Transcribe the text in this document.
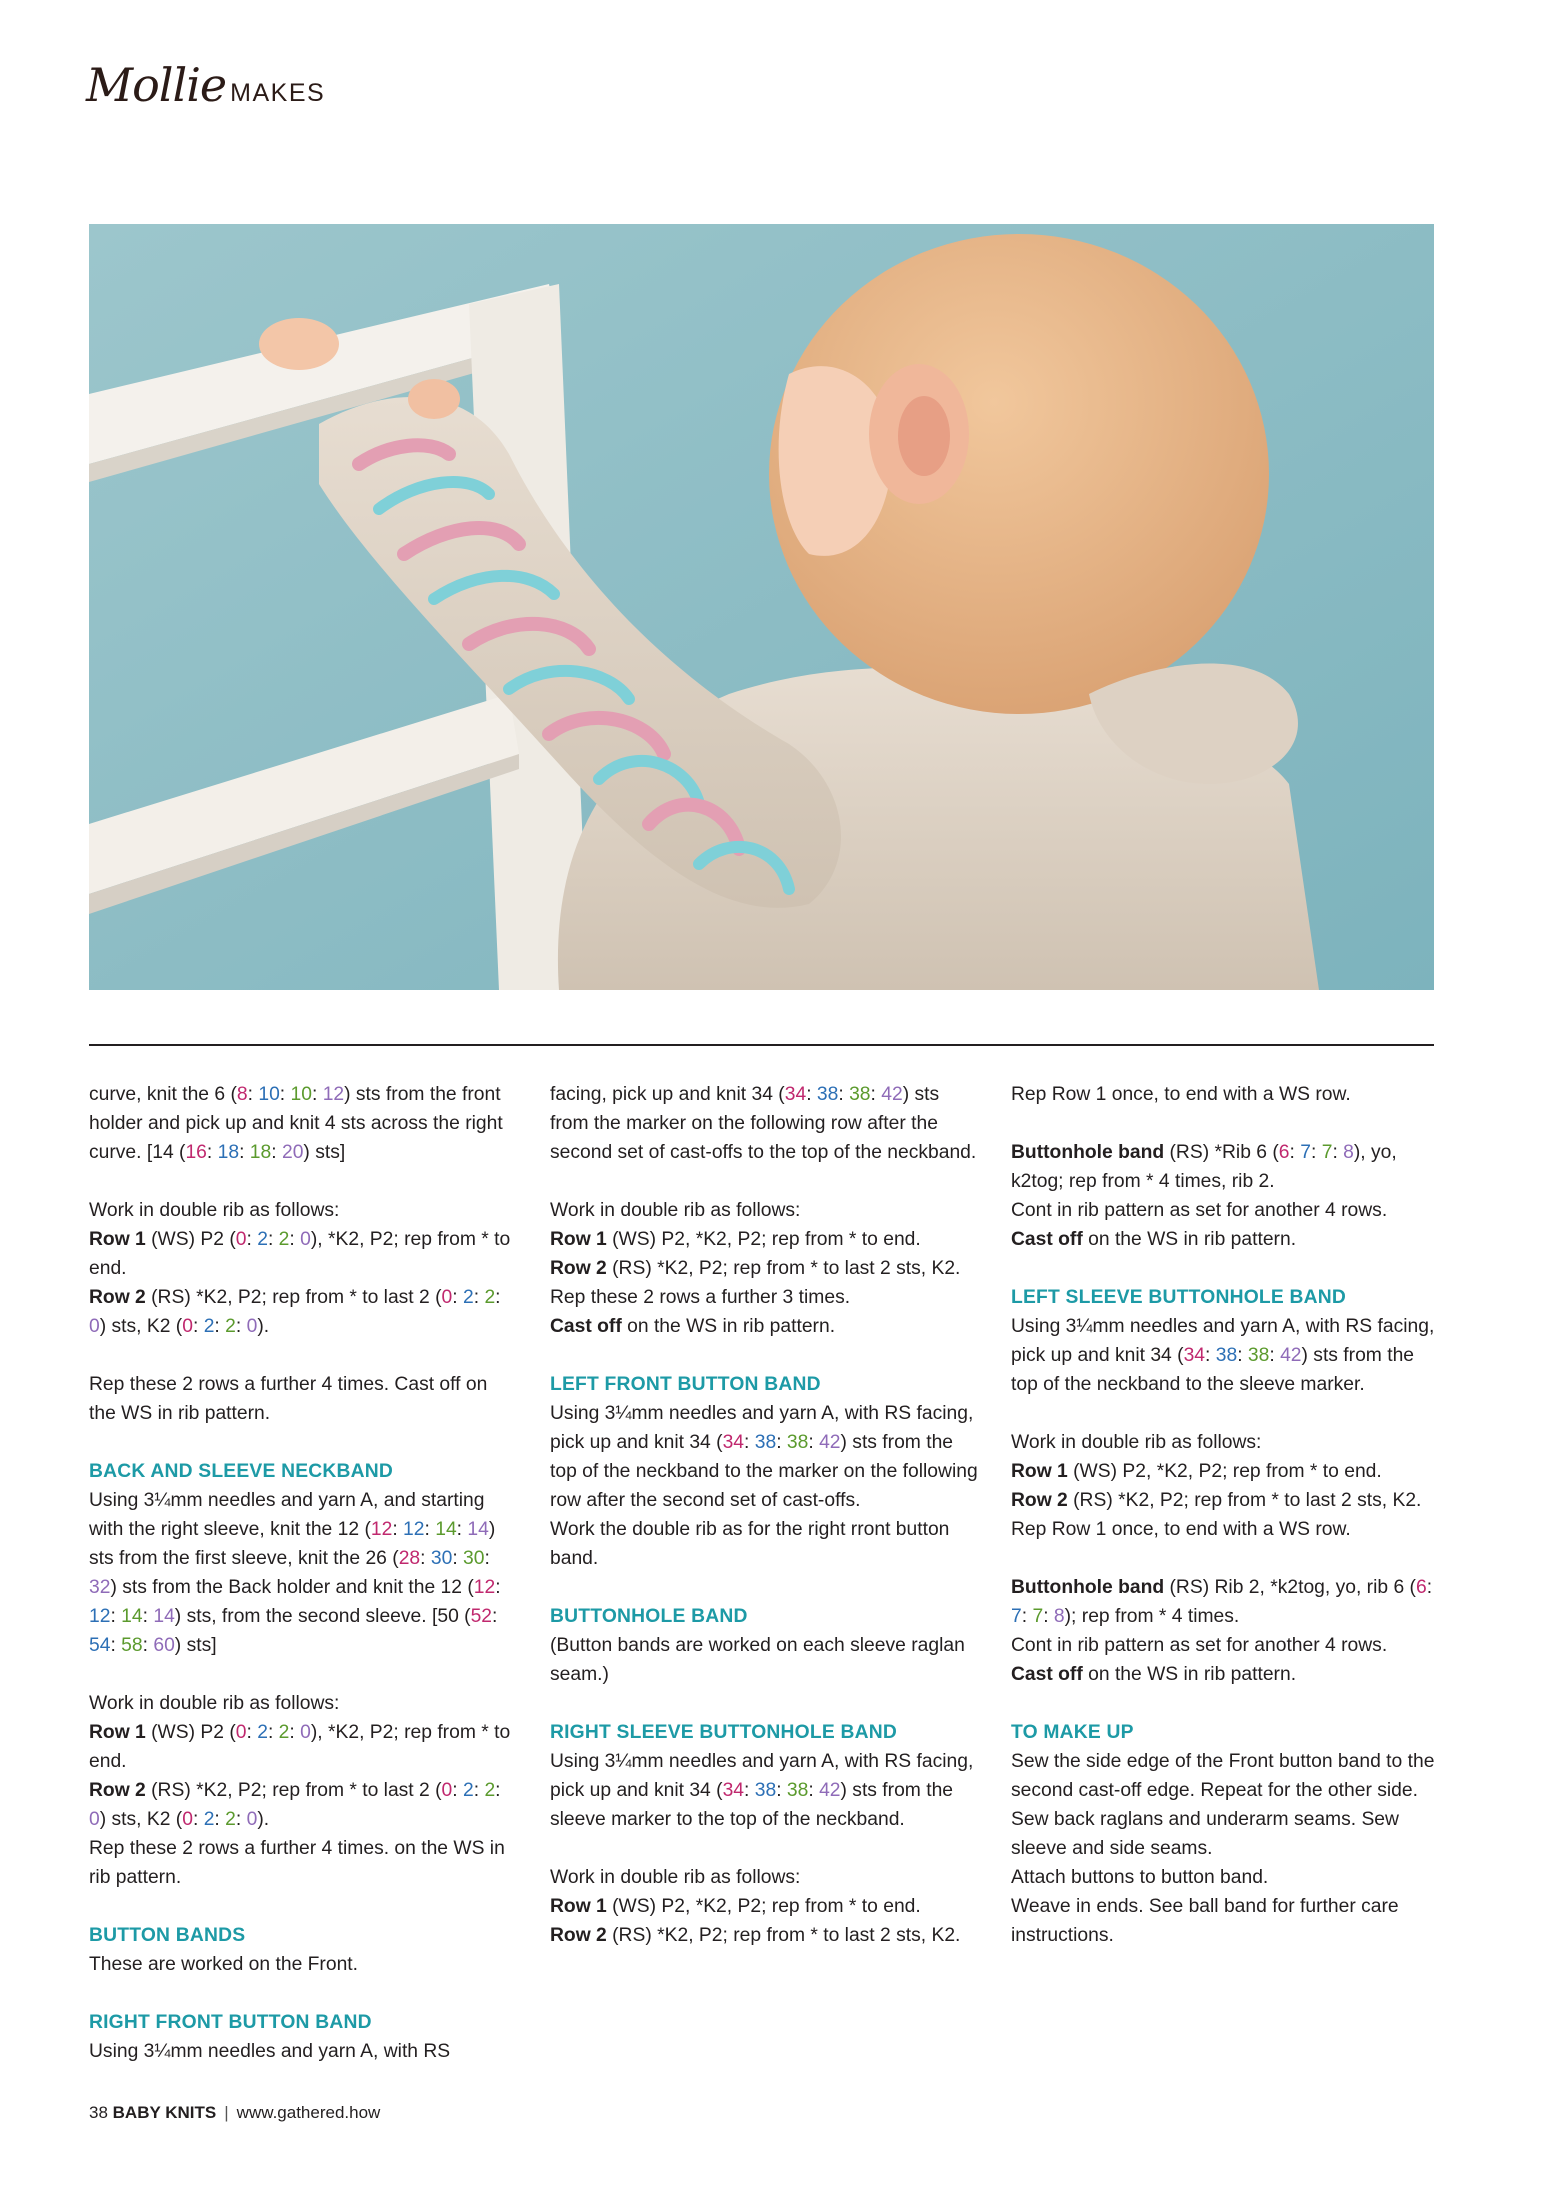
Mollie MAKES

curve, knit the 6 (8: 10: 10: 12) sts from the front holder and pick up and knit 4 sts across the right curve. [14 (16: 18: 18: 20) sts]

Work in double rib as follows:
Row 1 (WS) P2 (0: 2: 2: 0), *K2, P2; rep from * to end.
Row 2 (RS) *K2, P2; rep from * to last 2 (0: 2: 2: 0) sts, K2 (0: 2: 2: 0).

Rep these 2 rows a further 4 times. Cast off on the WS in rib pattern.

BACK AND SLEEVE NECKBAND

Using 3¼mm needles and yarn A, and starting with the right sleeve, knit the 12 (12: 12: 14: 14) sts from the first sleeve, knit the 26 (28: 30: 30: 32) sts from the Back holder and knit the 12 (12: 12: 14: 14) sts, from the second sleeve. [50 (52: 54: 58: 60) sts]

Work in double rib as follows:
Row 1 (WS) P2 (0: 2: 2: 0), *K2, P2; rep from * to end.
Row 2 (RS) *K2, P2; rep from * to last 2 (0: 2: 2: 0) sts, K2 (0: 2: 2: 0).
Rep these 2 rows a further 4 times. on the WS in rib pattern.

BUTTON BANDS

These are worked on the Front.

RIGHT FRONT BUTTON BAND

Using 3¼mm needles and yarn A, with RS

facing, pick up and knit 34 (34: 38: 38: 42) sts from the marker on the following row after the second set of cast-offs to the top of the neckband.

Work in double rib as follows:
Row 1 (WS) P2, *K2, P2; rep from * to end.
Row 2 (RS) *K2, P2; rep from * to last 2 sts, K2.
Rep these 2 rows a further 3 times.
Cast off on the WS in rib pattern.

LEFT FRONT BUTTON BAND

Using 3¼mm needles and yarn A, with RS facing, pick up and knit 34 (34: 38: 38: 42) sts from the top of the neckband to the marker on the following row after the second set of cast-offs.
Work the double rib as for the right rront button band.

BUTTONHOLE BAND

(Button bands are worked on each sleeve raglan seam.)

RIGHT SLEEVE BUTTONHOLE BAND

Using 3¼mm needles and yarn A, with RS facing, pick up and knit 34 (34: 38: 38: 42) sts from the sleeve marker to the top of the neckband.

Work in double rib as follows:
Row 1 (WS) P2, *K2, P2; rep from * to end.
Row 2 (RS) *K2, P2; rep from * to last 2 sts, K2.

Rep Row 1 once, to end with a WS row.

Buttonhole band (RS) *Rib 6 (6: 7: 7: 8), yo, k2tog; rep from * 4 times, rib 2.
Cont in rib pattern as set for another 4 rows.
Cast off on the WS in rib pattern.

LEFT SLEEVE BUTTONHOLE BAND

Using 3¼mm needles and yarn A, with RS facing, pick up and knit 34 (34: 38: 38: 42) sts from the top of the neckband to the sleeve marker.

Work in double rib as follows:
Row 1 (WS) P2, *K2, P2; rep from * to end.
Row 2 (RS) *K2, P2; rep from * to last 2 sts, K2.
Rep Row 1 once, to end with a WS row.

Buttonhole band (RS) Rib 2, *k2tog, yo, rib 6 (6: 7: 7: 8); rep from * 4 times.
Cont in rib pattern as set for another 4 rows.
Cast off on the WS in rib pattern.

TO MAKE UP

Sew the side edge of the Front button band to the second cast-off edge. Repeat for the other side.
Sew back raglans and underarm seams. Sew sleeve and side seams.
Attach buttons to button band.
Weave in ends. See ball band for further care instructions.

38 BABY KNITS | www.gathered.how
